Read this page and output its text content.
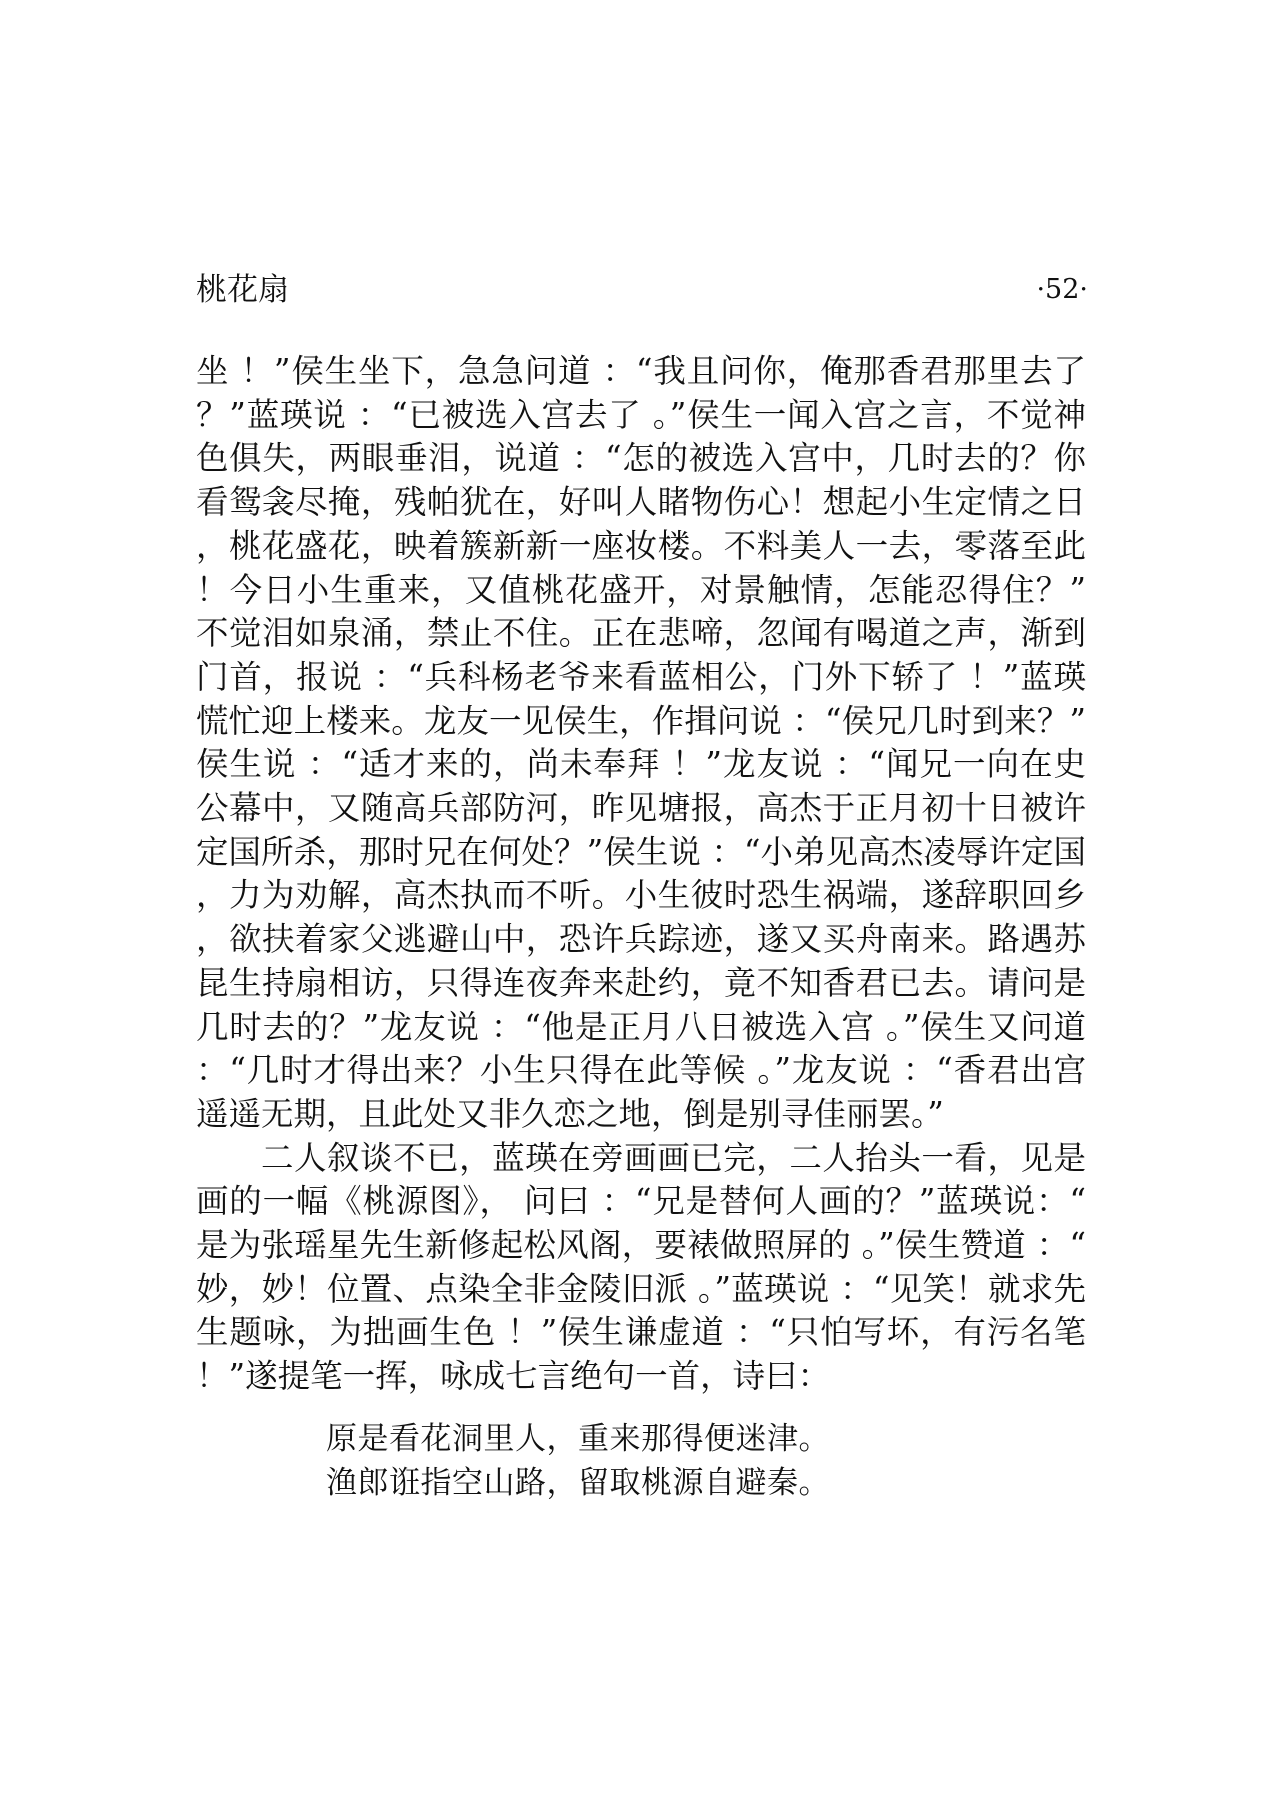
桃花扇	·52·

坐 ！”侯生坐下，急急问道 ：“我且问你，俺那香君那里去了？”蓝瑛说 ：“已被选入宫去了 。”侯生一闻入宫之言，不觉神色俱失，两眼垂泪，说道 ：“怎的被选入宫中，几时去的？你看鸳衾尽掩，残帕犹在，好叫人睹物伤心！想起小生定情之日，桃花盛花，映着簇新新一座妆楼。不料美人一去，零落至此！今日小生重来，又值桃花盛开，对景触情，怎能忍得住？”不觉泪如泉涌，禁止不住。正在悲啼，忽闻有喝道之声，渐到门首，报说 ：“兵科杨老爷来看蓝相公，门外下轿了 ！”蓝瑛慌忙迎上楼来。龙友一见侯生，作揖问说 ：“侯兄几时到来？”侯生说 ：“适才来的，尚未奉拜 ！”龙友说 ：“闻兄一向在史公幕中，又随高兵部防河，昨见塘报，高杰于正月初十日被许定国所杀，那时兄在何处？”侯生说 ：“小弟见高杰凌辱许定国，力为劝解，高杰执而不听。小生彼时恐生祸端，遂辞职回乡，欲扶着家父逃避山中，恐许兵踪迹，遂又买舟南来。路遇苏昆生持扇相访，只得连夜奔来赴约，竟不知香君已去。请问是几时去的？”龙友说 ：“他是正月八日被选入宫 。”侯生又问道 ：“几时才得出来？小生只得在此等候 。”龙友说 ：“香君出宫遥遥无期，且此处又非久恋之地，倒是别寻佳丽罢。”

二人叙谈不已，蓝瑛在旁画画已完，二人抬头一看，见是画的一幅《桃源图》， 问曰 ：“兄是替何人画的？”蓝瑛说：“是为张瑶星先生新修起松风阁，要裱做照屏的 。”侯生赞道 ：“妙，妙！位置、点染全非金陵旧派 。”蓝瑛说 ：“见笑！就求先生题咏，为拙画生色 ！”侯生谦虚道 ：“只怕写坏，有污名笔 ！”遂提笔一挥，咏成七言绝句一首，诗曰：

原是看花洞里人，重来那得便迷津。
渔郎诳指空山路，留取桃源自避秦。
